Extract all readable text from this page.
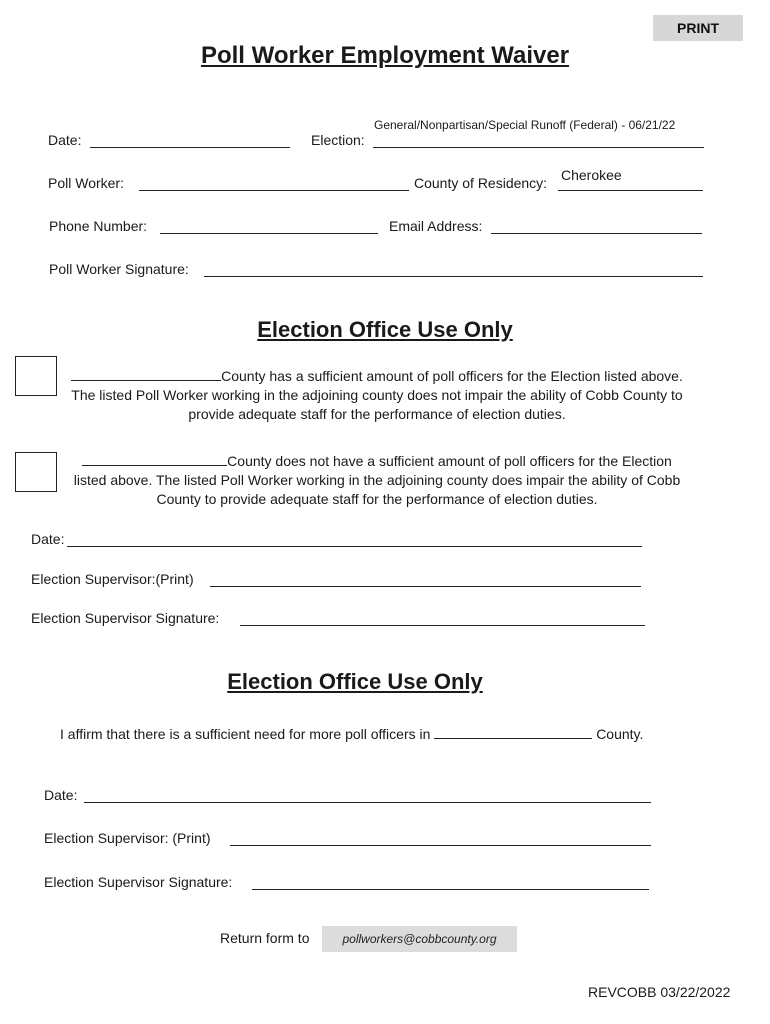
PRINT
Poll Worker Employment Waiver
General/Nonpartisan/Special Runoff (Federal) - 06/21/22
Date:	Election:
Poll Worker:	County of Residency: Cherokee
Phone Number:	Email Address:
Poll Worker Signature:
Election Office Use Only
County has a sufficient amount of poll officers for the Election listed above. The listed Poll Worker working in the adjoining county does not impair the ability of Cobb County to provide adequate staff for the performance of election duties.
County does not have a sufficient amount of poll officers for the Election listed above. The listed Poll Worker working in the adjoining county does impair the ability of Cobb County to provide adequate staff for the performance of election duties.
Date:
Election Supervisor:(Print)
Election Supervisor Signature:
Election Office Use Only
I affirm that there is a sufficient need for more poll officers in	County.
Date:
Election Supervisor: (Print)
Election Supervisor Signature:
Return form to	pollworkers@cobbcounty.org
REVCOBB 03/22/2022
